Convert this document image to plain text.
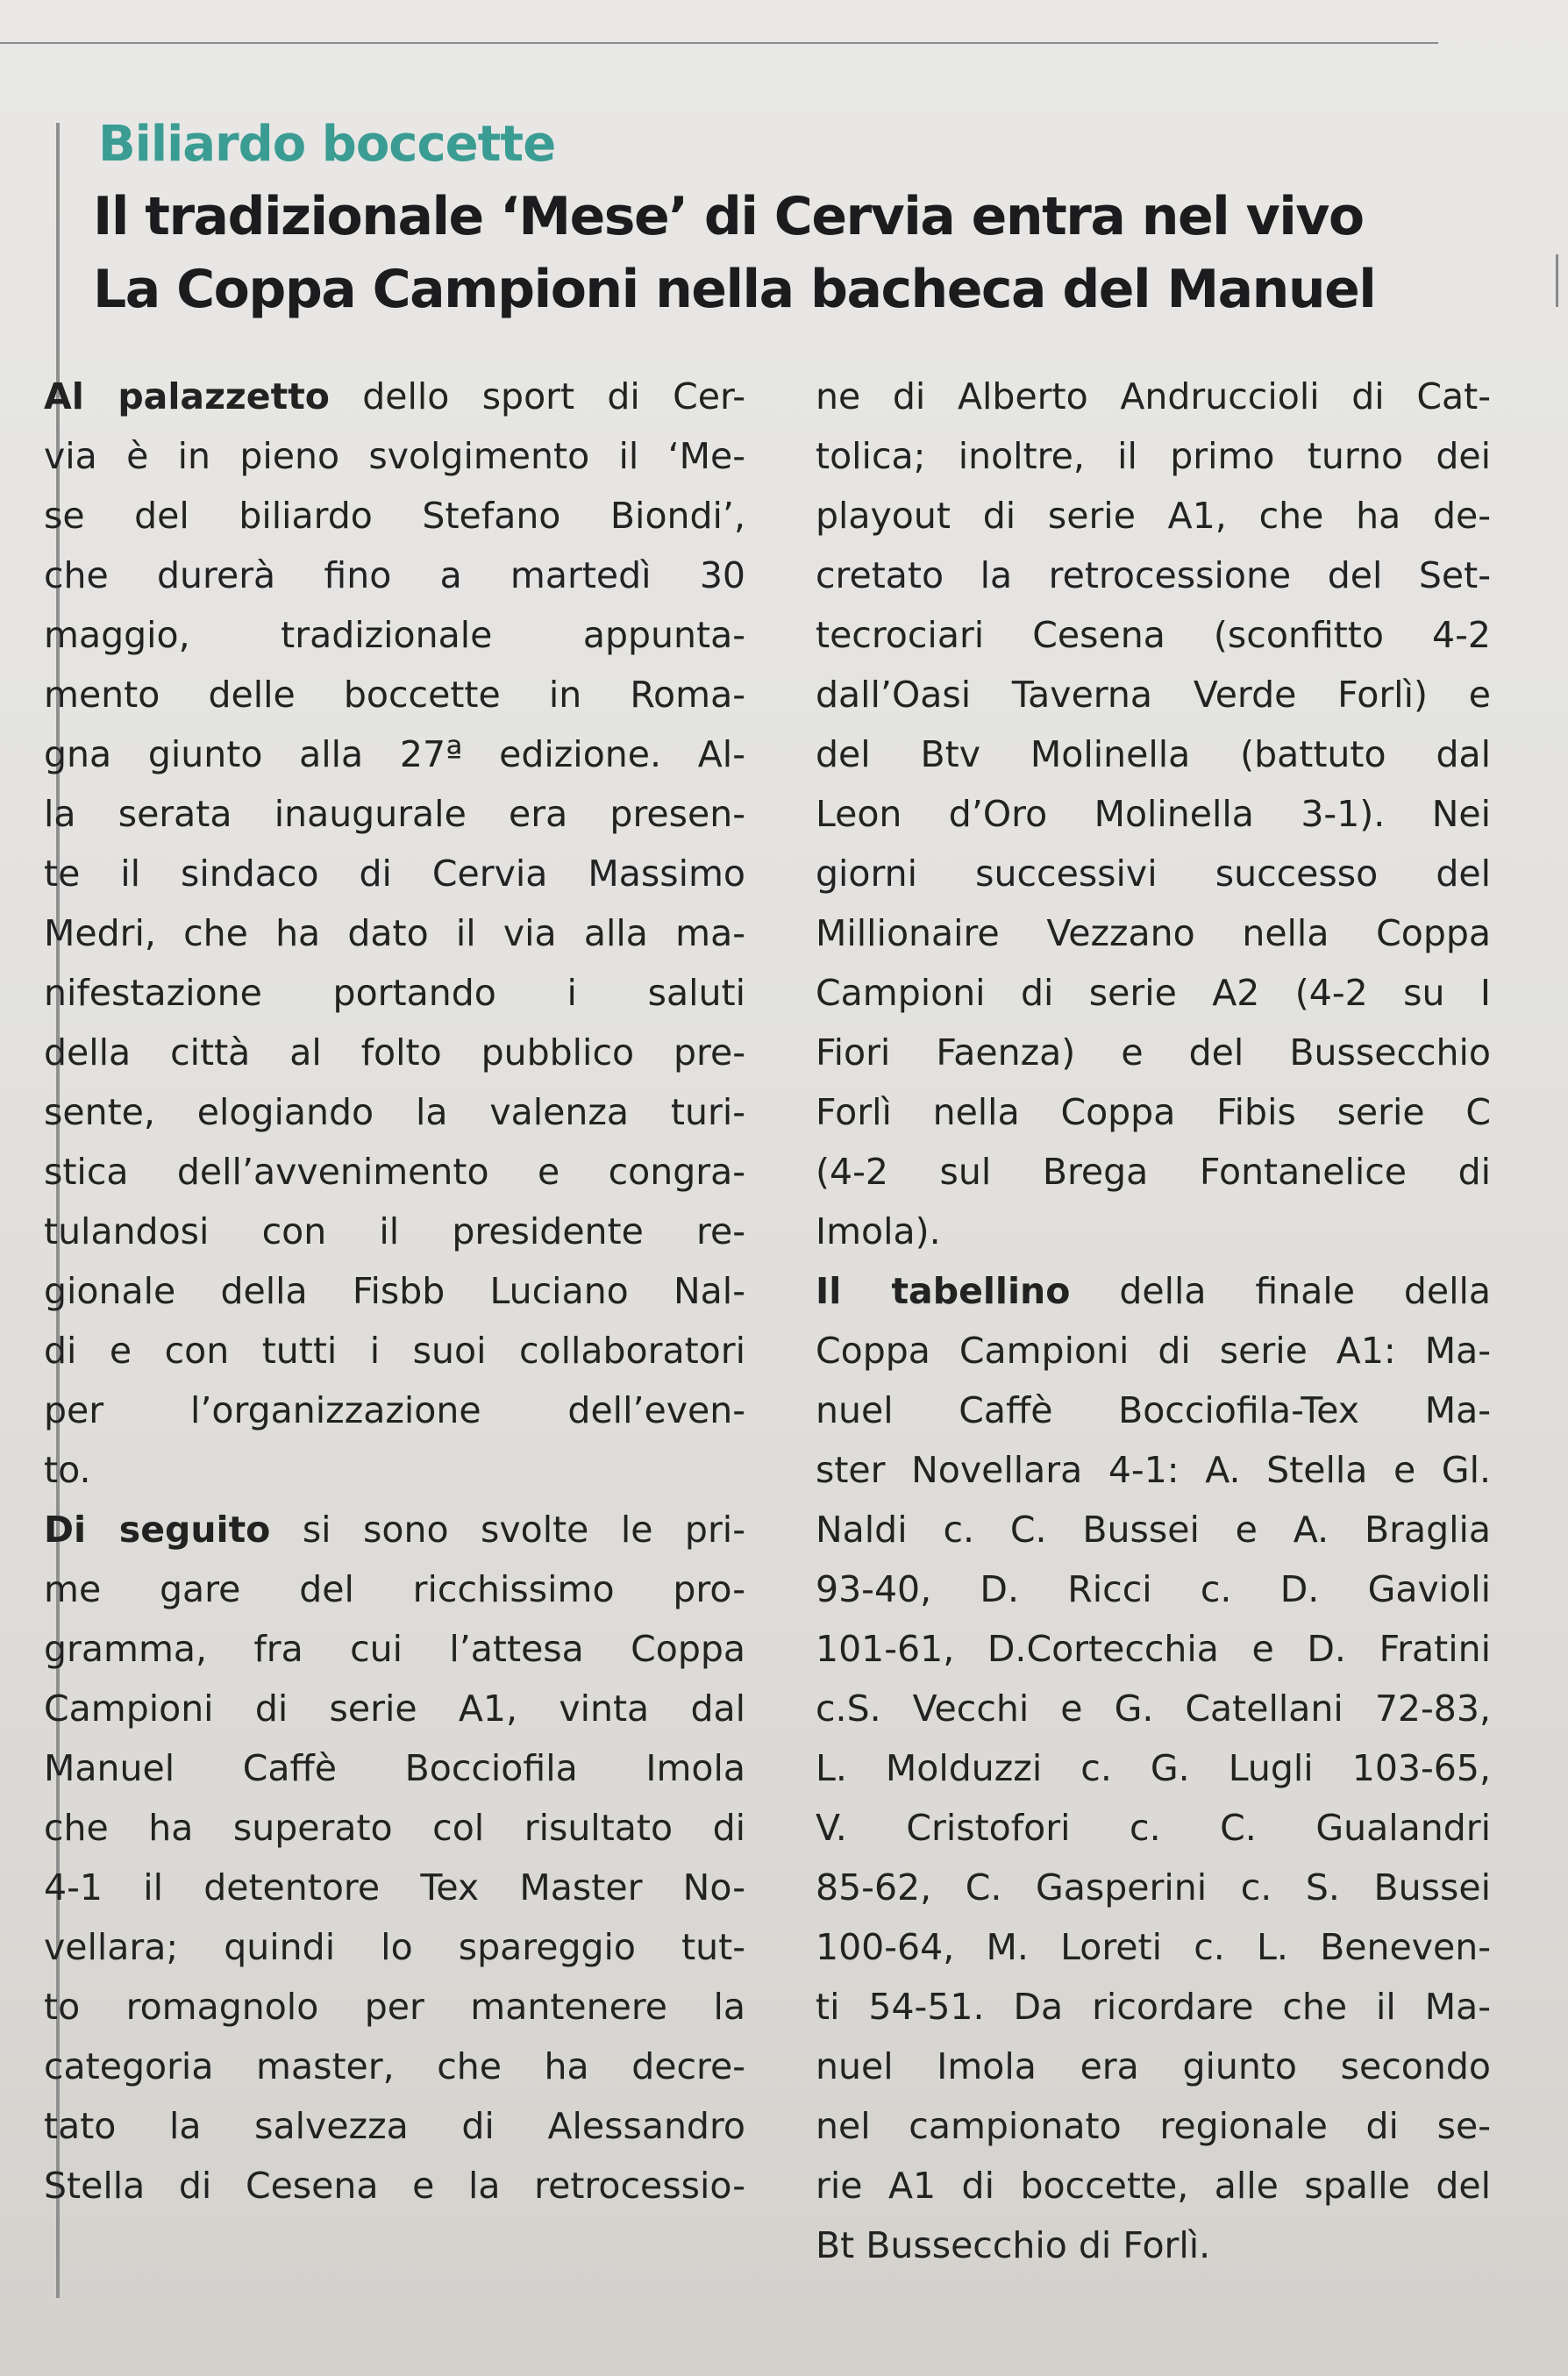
Biliardo boccette
Il tradizionale ‘Mese’ di Cervia entra nel vivo
La Coppa Campioni nella bacheca del Manuel
Al palazzetto dello sport di Cer-
via è in pieno svolgimento il ‘Me-
se del biliardo Stefano Biondi’,
che durerà fino a martedì 30
maggio, tradizionale appunta-
mento delle boccette in Roma-
gna giunto alla 27ª edizione. Al-
la serata inaugurale era presen-
te il sindaco di Cervia Massimo
Medri, che ha dato il via alla ma-
nifestazione portando i saluti
della città al folto pubblico pre-
sente, elogiando la valenza turi-
stica dell’avvenimento e congra-
tulandosi con il presidente re-
gionale della Fisbb Luciano Nal-
di e con tutti i suoi collaboratori
per l’organizzazione dell’even-
to.
Di seguito si sono svolte le pri-
me gare del ricchissimo pro-
gramma, fra cui l’attesa Coppa
Campioni di serie A1, vinta dal
Manuel Caffè Bocciofila Imola
che ha superato col risultato di
4-1 il detentore Tex Master No-
vellara; quindi lo spareggio tut-
to romagnolo per mantenere la
categoria master, che ha decre-
tato la salvezza di Alessandro
Stella di Cesena e la retrocessio-
ne di Alberto Andruccioli di Cat-
tolica; inoltre, il primo turno dei
playout di serie A1, che ha de-
cretato la retrocessione del Set-
tecrociari Cesena (sconfitto 4-2
dall’Oasi Taverna Verde Forlì) e
del Btv Molinella (battuto dal
Leon d’Oro Molinella 3-1). Nei
giorni successivi successo del
Millionaire Vezzano nella Coppa
Campioni di serie A2 (4-2 su I
Fiori Faenza) e del Bussecchio
Forlì nella Coppa Fibis serie C
(4-2 sul Brega Fontanelice di
Imola).
Il tabellino della finale della
Coppa Campioni di serie A1: Ma-
nuel Caffè Bocciofila-Tex Ma-
ster Novellara 4-1: A. Stella e Gl.
Naldi c. C. Bussei e A. Braglia
93-40, D. Ricci c. D. Gavioli
101-61, D.Cortecchia e D. Fratini
c.S. Vecchi e G. Catellani 72-83,
L. Molduzzi c. G. Lugli 103-65,
V. Cristofori c. C. Gualandri
85-62, C. Gasperini c. S. Bussei
100-64, M. Loreti c. L. Beneven-
ti 54-51. Da ricordare che il Ma-
nuel Imola era giunto secondo
nel campionato regionale di se-
rie A1 di boccette, alle spalle del
Bt Bussecchio di Forlì.
